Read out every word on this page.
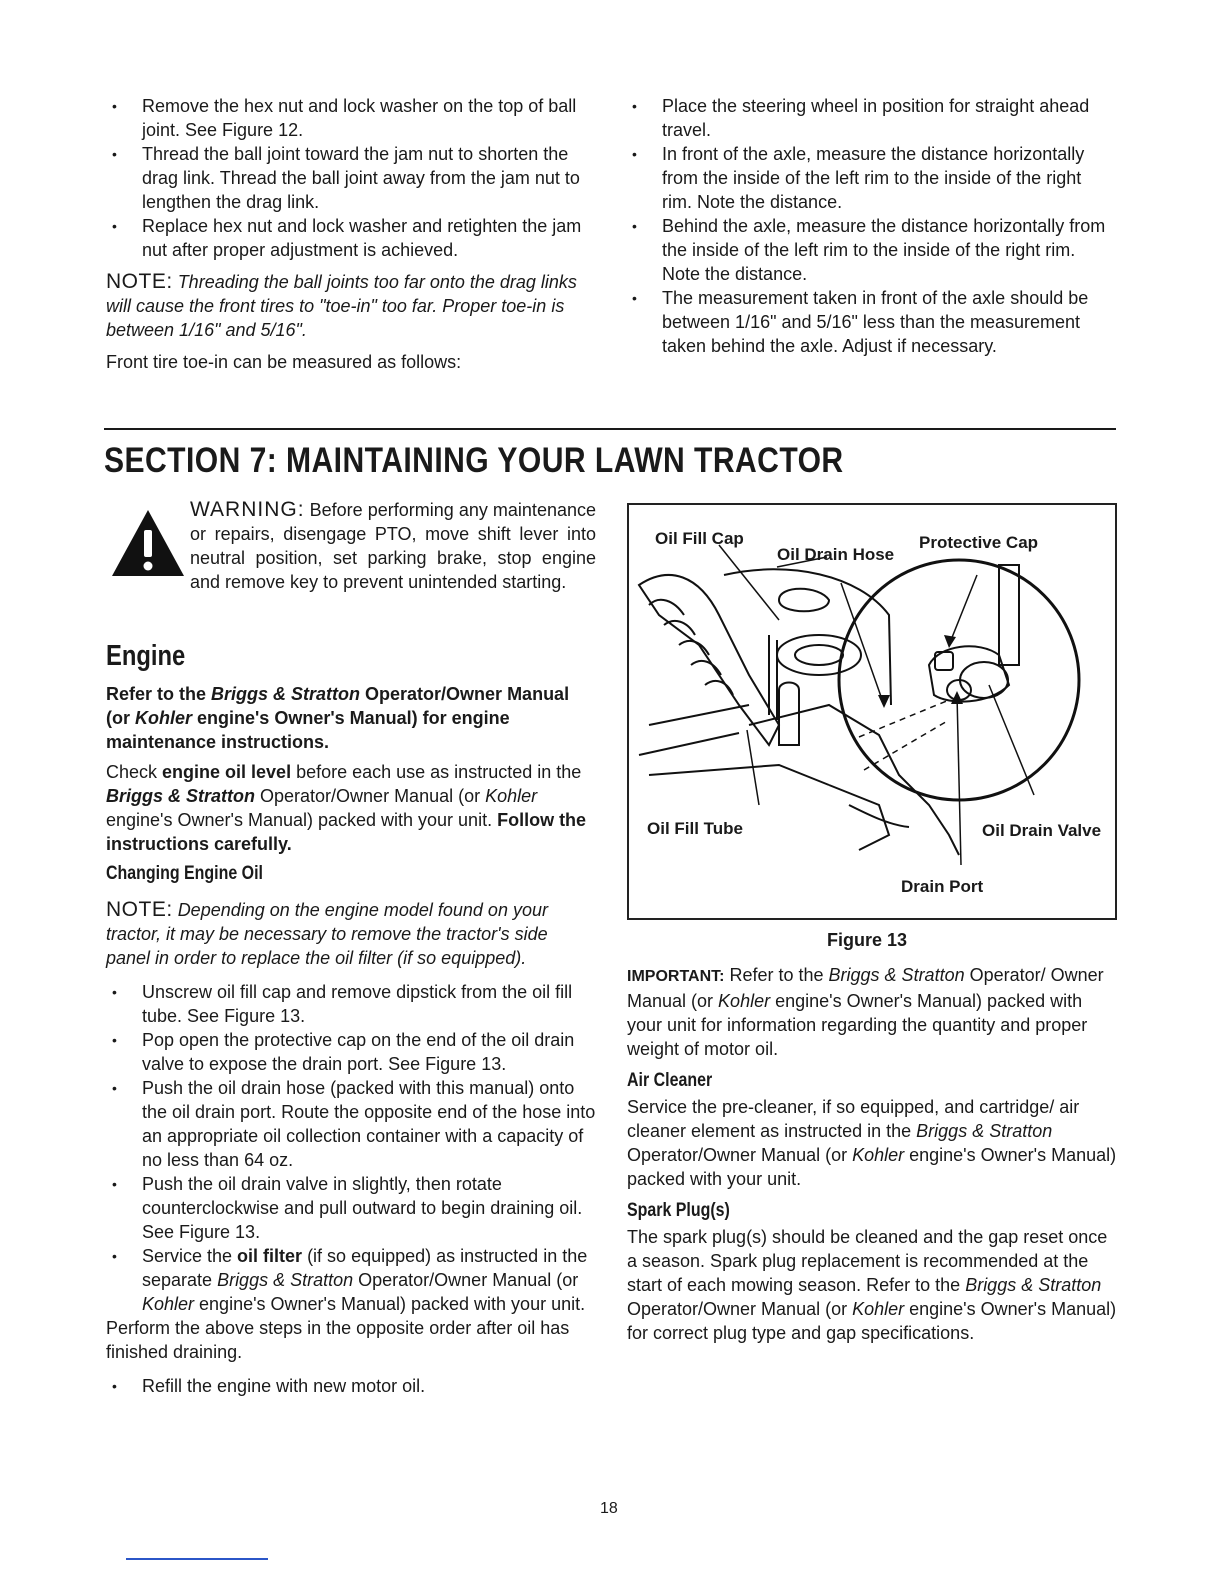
• Remove the hex nut and lock washer on the top of ball joint. See Figure 12.
• Thread the ball joint toward the jam nut to shorten the drag link. Thread the ball joint away from the jam nut to lengthen the drag link.
• Replace hex nut and lock washer and retighten the jam nut after proper adjustment is achieved.

NOTE: Threading the ball joints too far onto the drag links will cause the front tires to "toe-in" too far. Proper toe-in is between 1/16" and 5/16".

Front tire toe-in can be measured as follows:

• Place the steering wheel in position for straight ahead travel.
• In front of the axle, measure the distance horizontally from the inside of the left rim to the inside of the right rim. Note the distance.
• Behind the axle, measure the distance horizontally from the inside of the left rim to the inside of the right rim. Note the distance.
• The measurement taken in front of the axle should be between 1/16" and 5/16" less than the measurement taken behind the axle. Adjust if necessary.
SECTION 7: MAINTAINING YOUR LAWN TRACTOR

WARNING: Before performing any maintenance or repairs, disengage PTO, move shift lever into neutral position, set parking brake, stop engine and remove key to prevent unintended starting.

Engine

Refer to the Briggs & Stratton Operator/Owner Manual (or Kohler engine's Owner's Manual) for engine maintenance instructions.

Check engine oil level before each use as instructed in the Briggs & Stratton Operator/Owner Manual (or Kohler engine's Owner's Manual) packed with your unit. Follow the instructions carefully.

Changing Engine Oil

NOTE: Depending on the engine model found on your tractor, it may be necessary to remove the tractor's side panel in order to replace the oil filter (if so equipped).

• Unscrew oil fill cap and remove dipstick from the oil fill tube. See Figure 13.
• Pop open the protective cap on the end of the oil drain valve to expose the drain port. See Figure 13.
• Push the oil drain hose (packed with this manual) onto the oil drain port. Route the opposite end of the hose into an appropriate oil collection container with a capacity of no less than 64 oz.
• Push the oil drain valve in slightly, then rotate counterclockwise and pull outward to begin draining oil. See Figure 13.
• Service the oil filter (if so equipped) as instructed in the separate Briggs & Stratton Operator/Owner Manual (or Kohler engine's Owner's Manual) packed with your unit.

Perform the above steps in the opposite order after oil has finished draining.

• Refill the engine with new motor oil.
Oil Fill Cap
Oil Drain Hose
Protective Cap
Oil Fill Tube	Oil Drain Valve
Drain Port
Figure 13

IMPORTANT: Refer to the Briggs & Stratton Operator/ Owner Manual (or Kohler engine's Owner's Manual) packed with your unit for information regarding the quantity and proper weight of motor oil.

Air Cleaner

Service the pre-cleaner, if so equipped, and cartridge/ air cleaner element as instructed in the Briggs & Stratton Operator/Owner Manual (or Kohler engine's Owner's Manual) packed with your unit.

Spark Plug(s)

The spark plug(s) should be cleaned and the gap reset once a season. Spark plug replacement is recommended at the start of each mowing season. Refer to the Briggs & Stratton Operator/Owner Manual (or Kohler engine's Owner's Manual) for correct plug type and gap specifications.

18
